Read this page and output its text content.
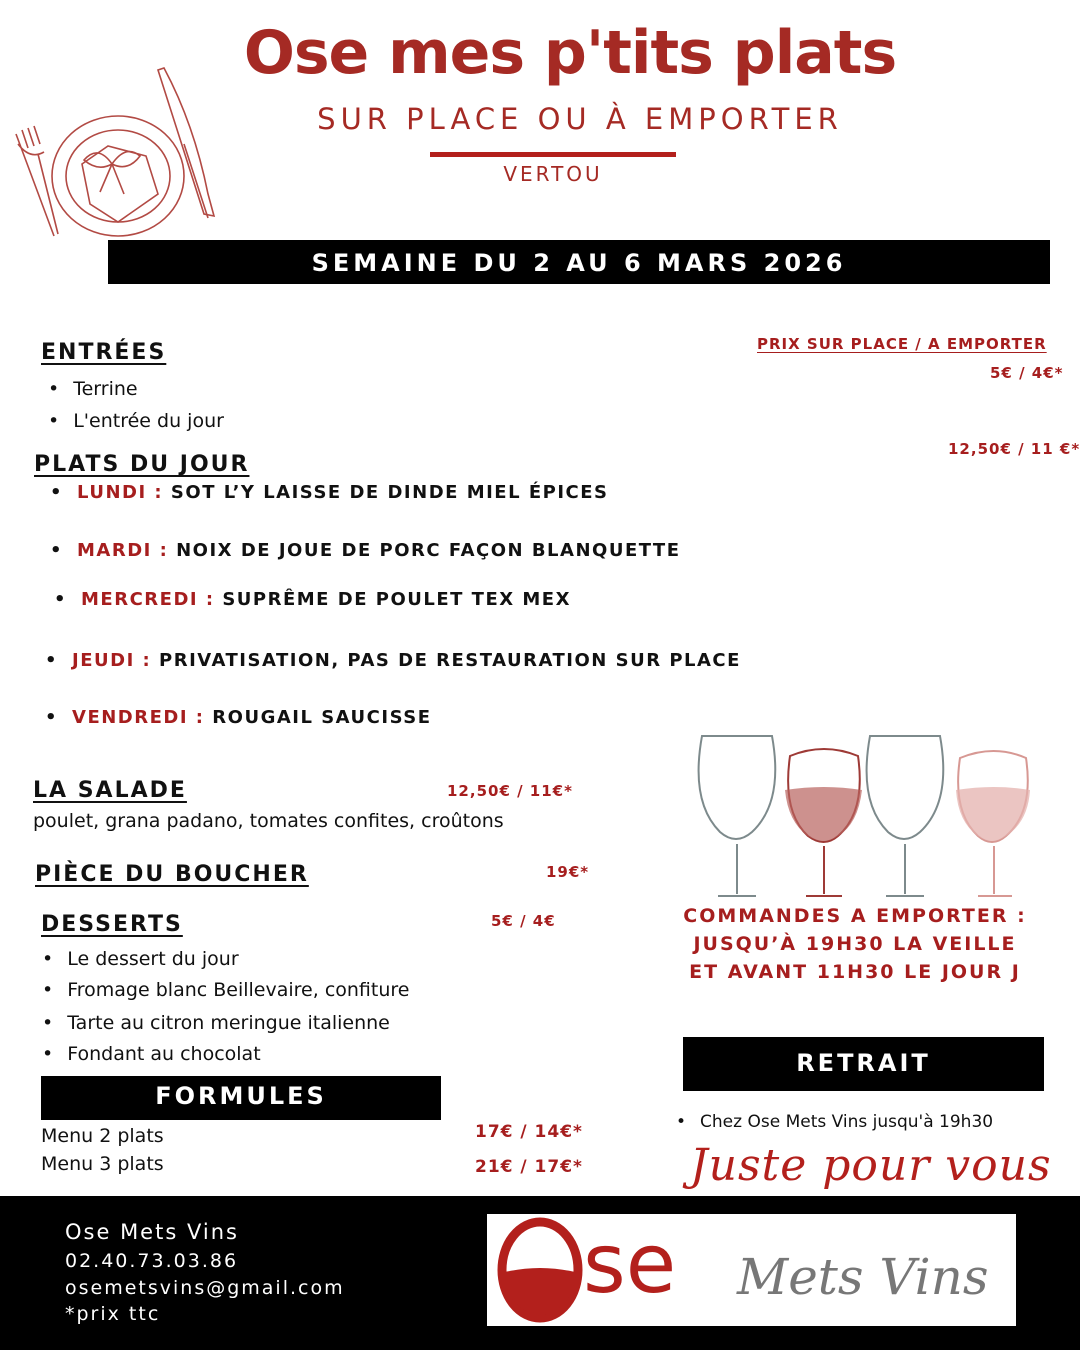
Ose mes p'tits plats
SUR PLACE OU À EMPORTER
VERTOU
SEMAINE DU 2 AU 6 MARS 2026
ENTRÉES
• Terrine
• L'entrée du jour
PRIX SUR PLACE / A EMPORTER
5€ / 4€*
PLATS DU JOUR
12,50€ / 11 €*
• LUNDI : SOT L’Y LAISSE DE DINDE MIEL ÉPICES
• MARDI : NOIX DE JOUE DE PORC FAÇON BLANQUETTE
• MERCREDI : SUPRÊME DE POULET TEX MEX
• JEUDI : PRIVATISATION, PAS DE RESTAURATION SUR PLACE
• VENDREDI : ROUGAIL SAUCISSE
LA SALADE	12,50€ / 11€*
poulet, grana padano, tomates confites, croûtons
PIÈCE DU BOUCHER	19€*
DESSERTS	5€ / 4€
• Le dessert du jour
• Fromage blanc Beillevaire, confiture
• Tarte au citron meringue italienne
• Fondant au chocolat
FORMULES
Menu 2 plats	17€ / 14€*
Menu 3 plats	21€ / 17€*
COMMANDES A EMPORTER :
JUSQU’À 19H30 LA VEILLE
ET AVANT 11H30 LE JOUR J
RETRAIT
• Chez Ose Mets Vins jusqu'à 19h30
Juste pour vous
Ose Mets Vins
02.40.73.03.86
osemetsvins@gmail.com
*prix ttc
se Mets Vins
